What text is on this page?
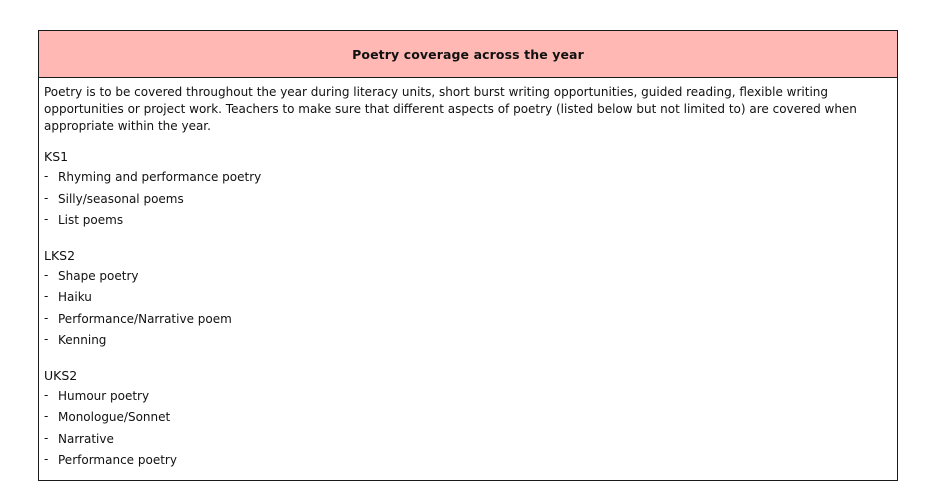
Poetry coverage across the year

Poetry is to be covered throughout the year during literacy units, short burst writing opportunities, guided reading, flexible writing opportunities or project work. Teachers to make sure that different aspects of poetry (listed below but not limited to) are covered when appropriate within the year.

KS1
- Rhyming and performance poetry
- Silly/seasonal poems
- List poems
LKS2
- Shape poetry
- Haiku
- Performance/Narrative poem
- Kenning
UKS2
- Humour poetry
- Monologue/Sonnet
- Narrative
- Performance poetry
